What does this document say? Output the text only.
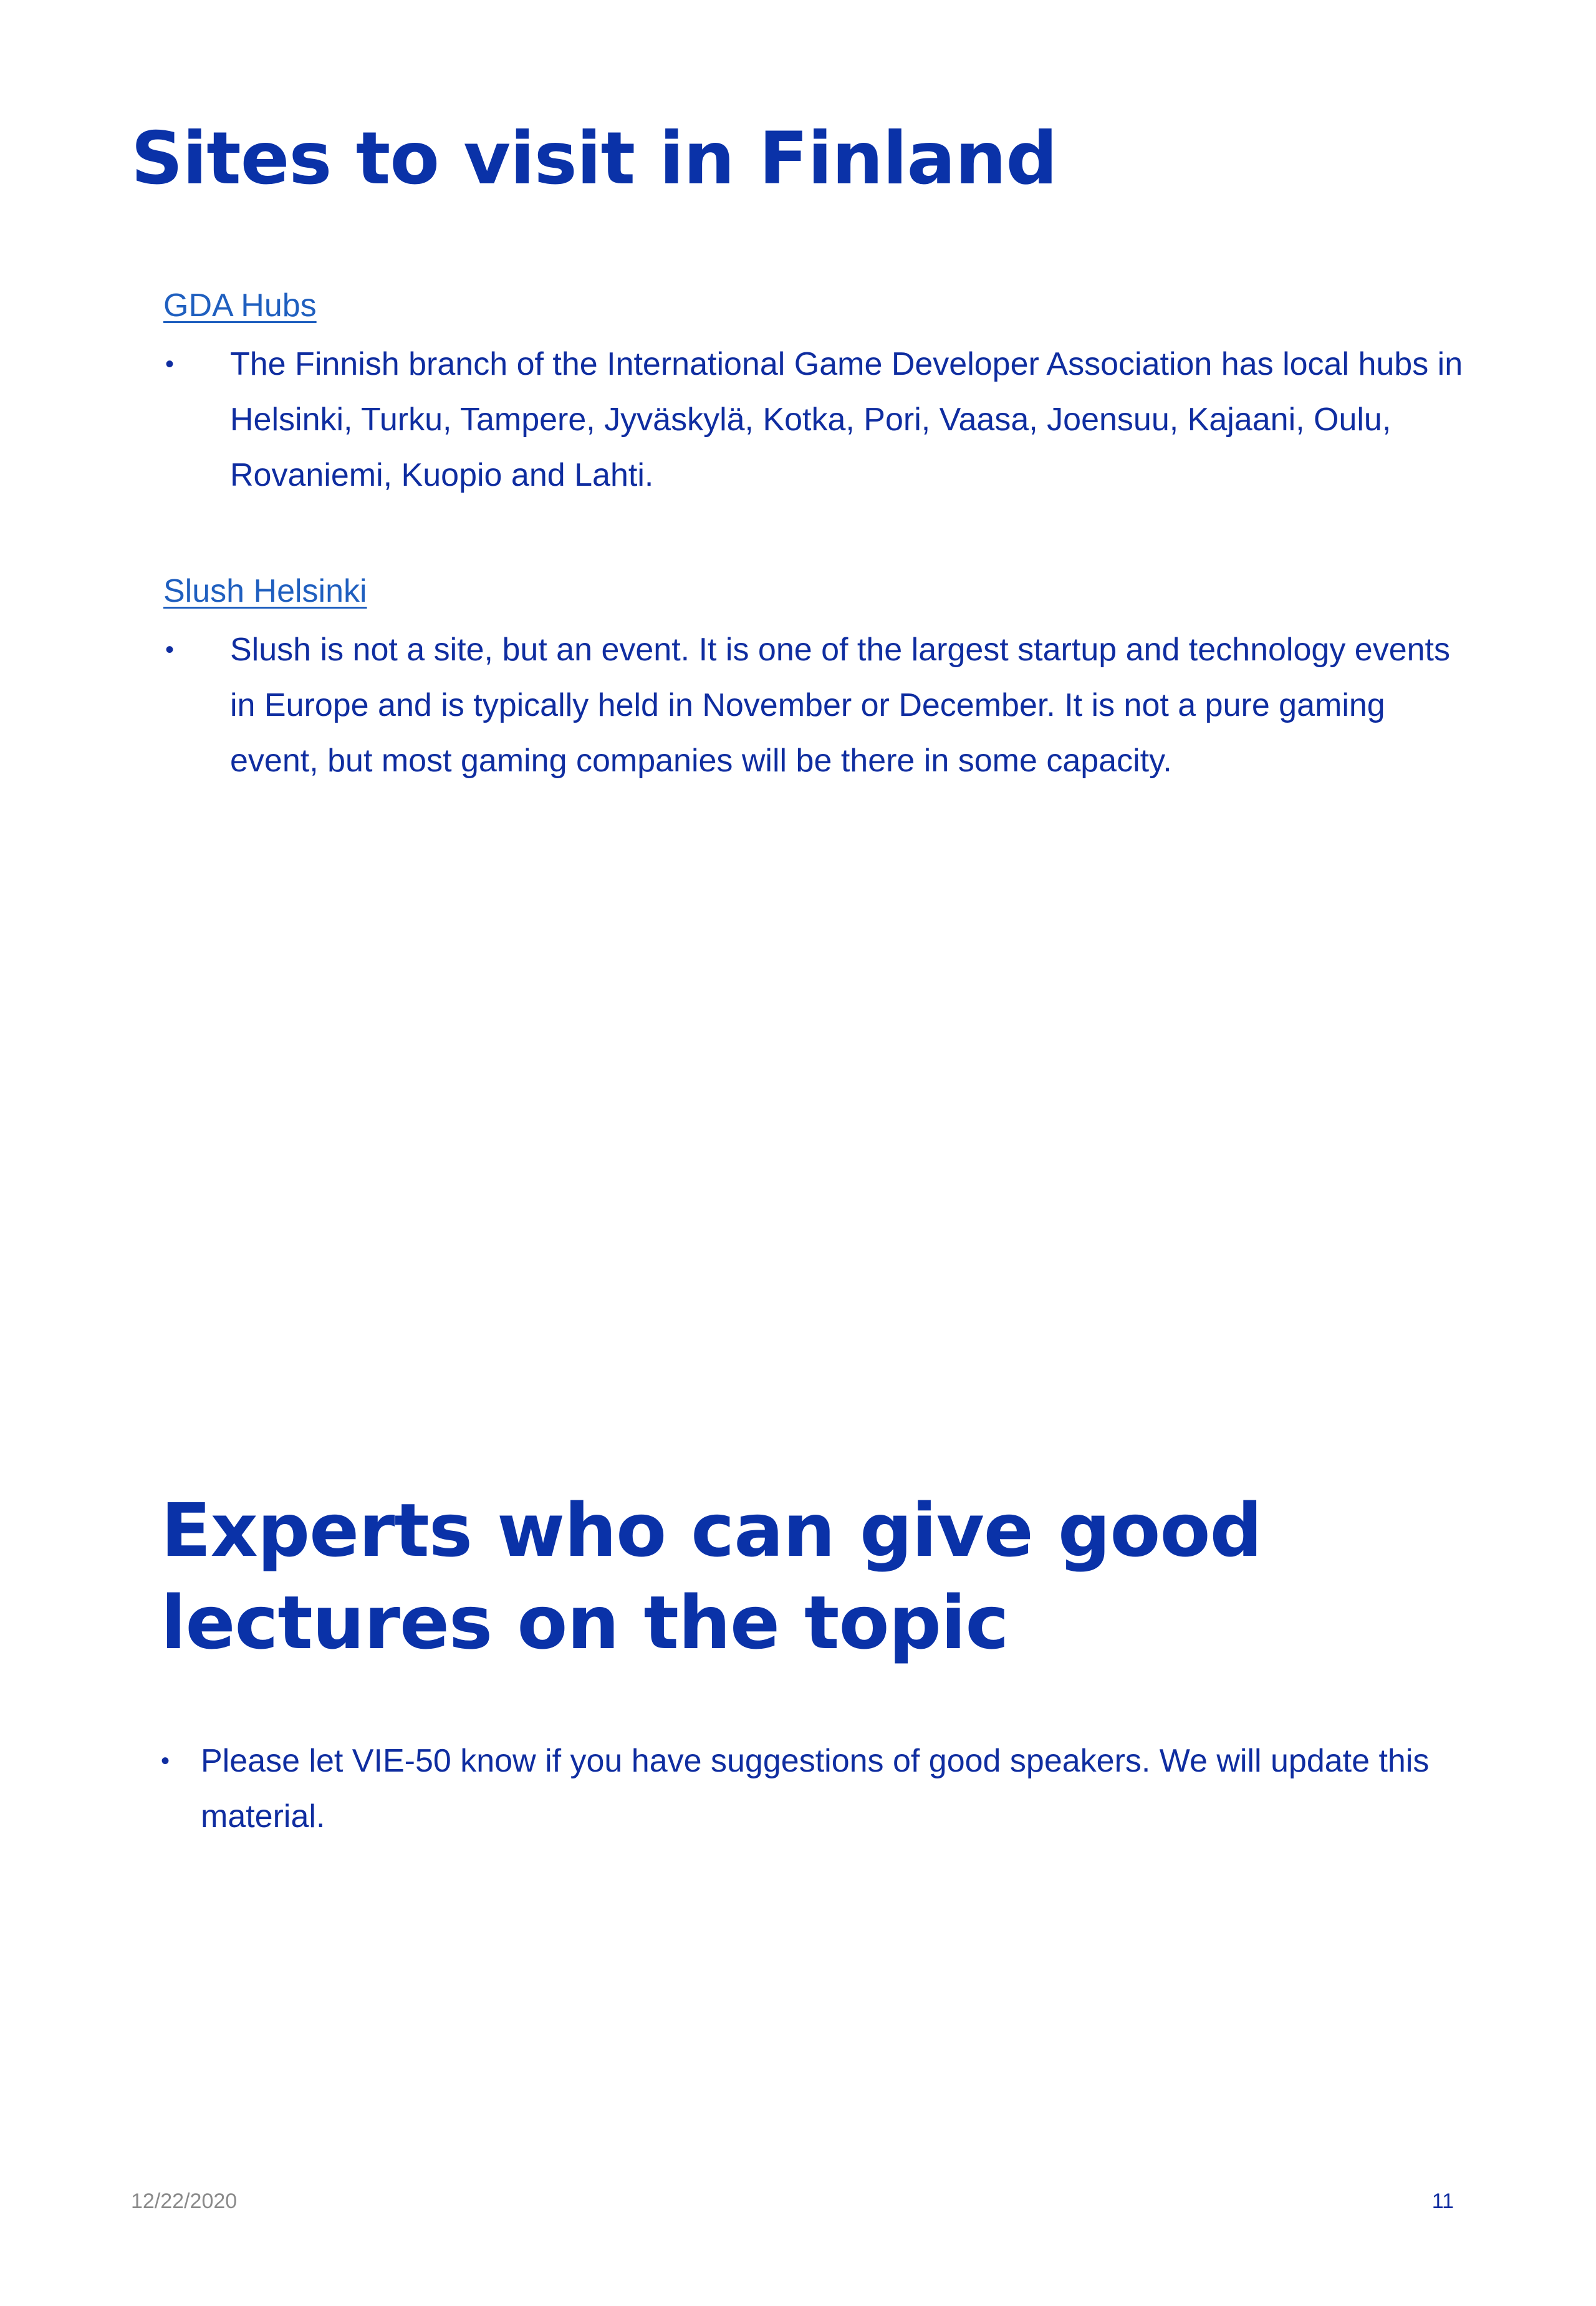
Sites to visit in Finland
GDA Hubs
• The Finnish branch of the International Game Developer Association has local hubs in Helsinki, Turku, Tampere, Jyväskylä, Kotka, Pori, Vaasa, Joensuu, Kajaani, Oulu, Rovaniemi, Kuopio and Lahti.
Slush Helsinki
• Slush is not a site, but an event. It is one of the largest startup and technology events in Europe and is typically held in November or December. It is not a pure gaming event, but most gaming companies will be there in some capacity.
Experts who can give good lectures on the topic
• Please let VIE-50 know if you have suggestions of good speakers. We will update this material.
12/22/2020	11
